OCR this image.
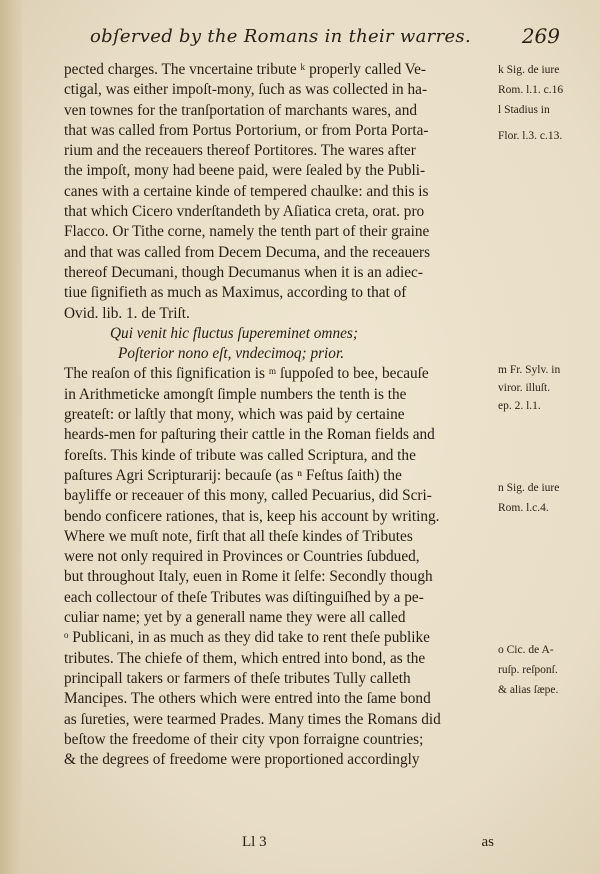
obſerved by the Romans in their warres.	269
pected charges. The vncertaine tribute ᵏ properly called Ve-
ctigal, was either impoſt-mony, ſuch as was collected in ha-
ven townes for the tranſportation of marchants wares, and
that was called from Portus Portorium, or from Porta Porta-
rium and the receauers thereof Portitores. The wares after
the impoſt, mony had beene paid, were ſealed by the Publi-
canes with a certaine kinde of tempered chaulke: and this is
that which Cicero vnderſtandeth by Aſiatica creta, orat. pro
Flacco. Or Tithe corne, namely the tenth part of their graine
and that was called from Decem Decuma, and the receauers
thereof Decumani, though Decumanus when it is an adiec-
tiue ſignifieth as much as Maximus, according to that of
Ovid. lib. 1. de Triſt.
Qui venit hic fluctus ſupereminet omnes;
Poſterior nono eſt, vndecimoq; prior.
The reaſon of this ſignification is ᵐ ſuppoſed to bee, becauſe
in Arithmeticke amongſt ſimple numbers the tenth is the
greateſt: or laſtly that mony, which was paid by certaine
heards-men for paſturing their cattle in the Roman fields and
foreſts. This kinde of tribute was called Scriptura, and the
paſtures Agri Scripturarij: becauſe (as ⁿ Feſtus ſaith) the
bayliffe or receauer of this mony, called Pecuarius, did Scri-
bendo conficere rationes, that is, keep his account by writing.
Where we muſt note, firſt that all theſe kindes of Tributes
were not only required in Provinces or Countries ſubdued,
but throughout Italy, euen in Rome it ſelfe: Secondly though
each collectour of theſe Tributes was diſtinguiſhed by a pe-
culiar name; yet by a generall name they were all called
ᵒ Publicani, in as much as they did take to rent theſe publike
tributes. The chiefe of them, which entred into bond, as the
principall takers or farmers of theſe tributes Tully calleth
Mancipes. The others which were entred into the ſame bond
as ſureties, were tearmed Prades. Many times the Romans did
beſtow the freedome of their city vpon forraigne countries;
& the degrees of freedome were proportioned accordingly
k Sig. de iure
Rom. l.1. c.16
l Stadius in
Flor. l.3. c.13.
m Fr. Sylv. in
viror. illuſt.
ep. 2. l.1.
n Sig. de iure
Rom. l.c.4.
o Cic. de A-
ruſp. reſponſ.
& alias ſæpe.
Ll 3	as
